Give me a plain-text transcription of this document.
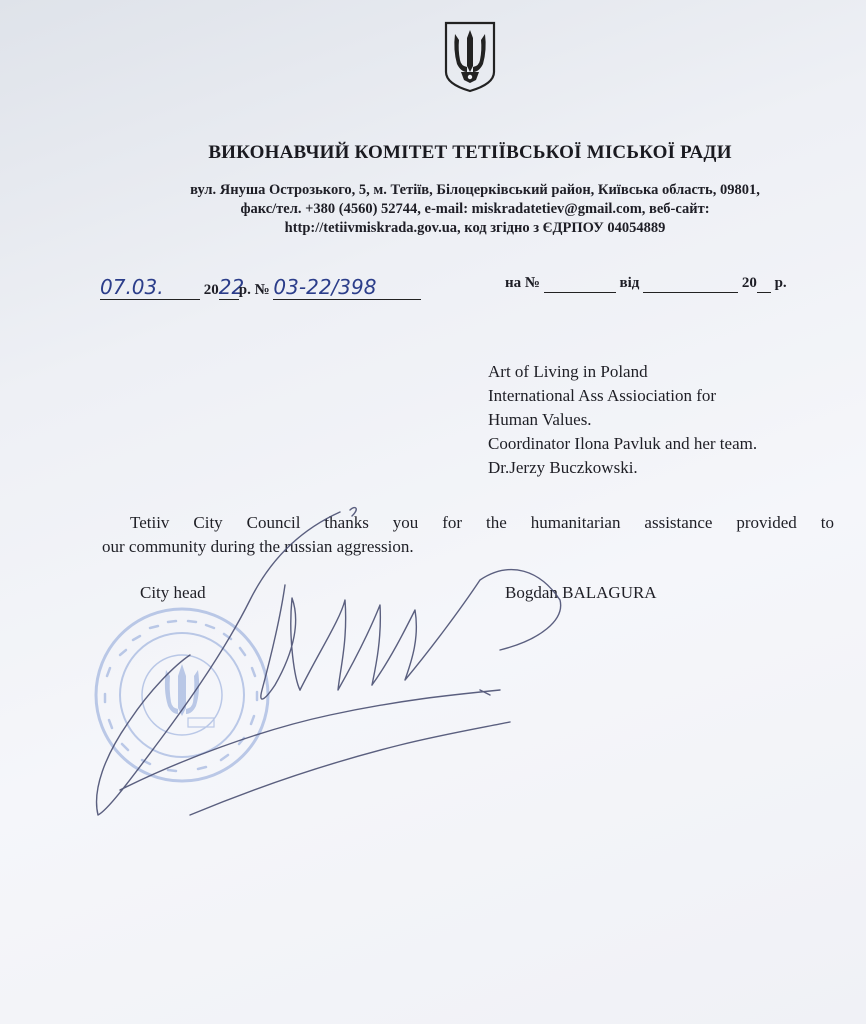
ВИКОНАВЧИЙ КОМІТЕТ ТЕТІЇВСЬКОЇ МІСЬКОЇ РАДИ
вул. Януша Острозького, 5, м. Тетіїв, Білоцерківський район, Київська область, 09801,
факс/тел. +380 (4560) 52744, e-mail: miskradatetiev@gmail.com, веб-сайт:
http://tetiivmiskrada.gov.ua, код згідно з ЄДРПОУ 04054889
07.03.	2022р. № 03-22/398	на №	від	20 р.
Art of Living in Poland
International Ass Assiociation for
Human Values.
Coordinator Ilona Pavluk and her team.
Dr.Jerzy Buczkowski.
Tetiiv City Council thanks you for the humanitarian assistance provided to
our community during the russian aggression.
City head	Bogdan BALAGURA
